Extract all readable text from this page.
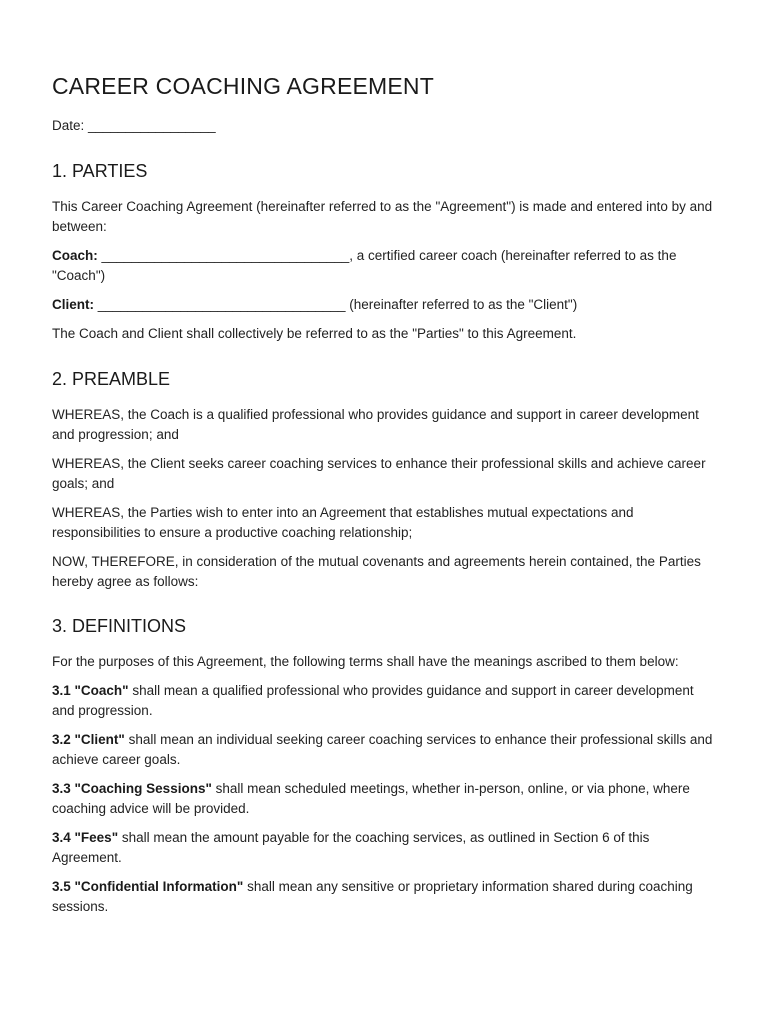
CAREER COACHING AGREEMENT
Date: _________________
1. PARTIES

This Career Coaching Agreement (hereinafter referred to as the "Agreement") is made and entered into by and between:

Coach: _________________________________, a certified career coach (hereinafter referred to as the "Coach")

Client: _________________________________ (hereinafter referred to as the "Client")

The Coach and Client shall collectively be referred to as the "Parties" to this Agreement.

2. PREAMBLE

WHEREAS, the Coach is a qualified professional who provides guidance and support in career development and progression; and

WHEREAS, the Client seeks career coaching services to enhance their professional skills and achieve career goals; and

WHEREAS, the Parties wish to enter into an Agreement that establishes mutual expectations and responsibilities to ensure a productive coaching relationship;

NOW, THEREFORE, in consideration of the mutual covenants and agreements herein contained, the Parties hereby agree as follows:

3. DEFINITIONS

For the purposes of this Agreement, the following terms shall have the meanings ascribed to them below:

3.1 "Coach" shall mean a qualified professional who provides guidance and support in career development and progression.

3.2 "Client" shall mean an individual seeking career coaching services to enhance their professional skills and achieve career goals.

3.3 "Coaching Sessions" shall mean scheduled meetings, whether in-person, online, or via phone, where coaching advice will be provided.

3.4 "Fees" shall mean the amount payable for the coaching services, as outlined in Section 6 of this Agreement.

3.5 "Confidential Information" shall mean any sensitive or proprietary information shared during coaching sessions.
